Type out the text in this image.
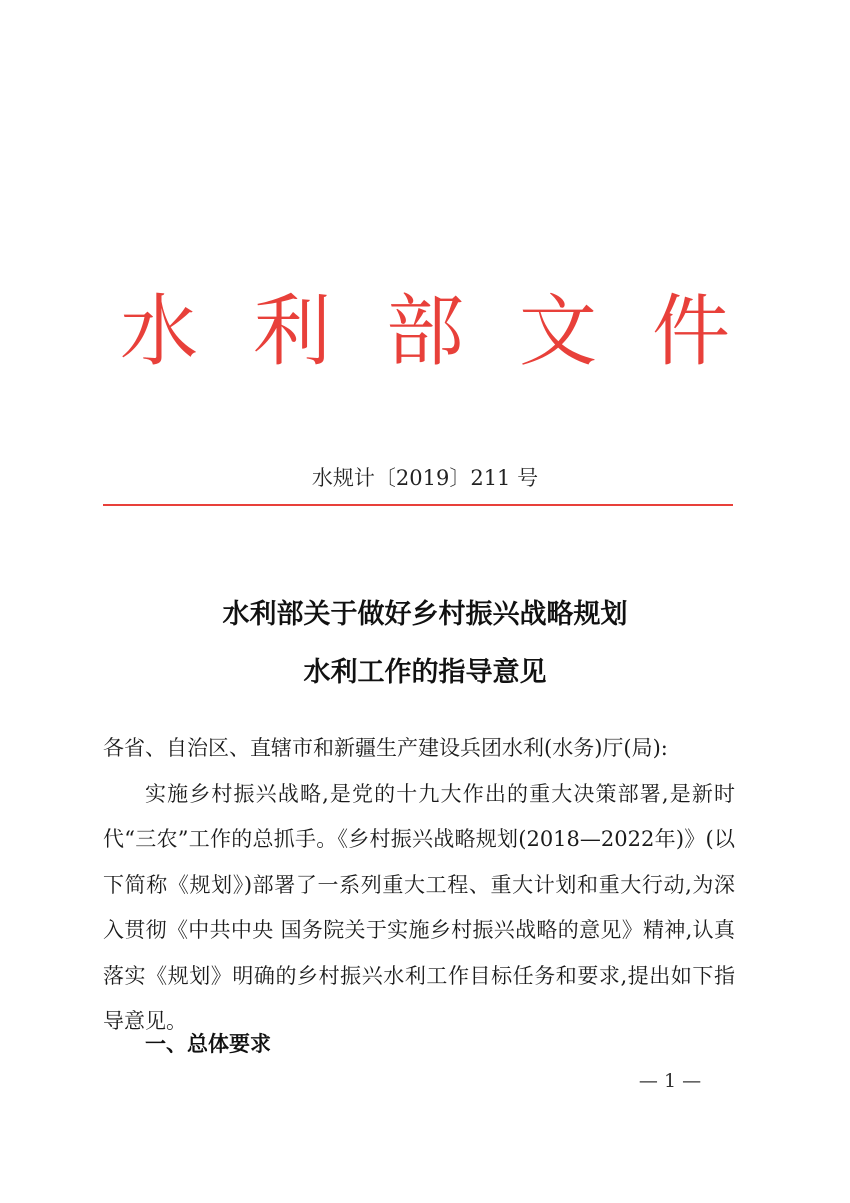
水 利 部 文 件
水规计〔2019〕211 号
水利部关于做好乡村振兴战略规划
水利工作的指导意见

各省、自治区、直辖市和新疆生产建设兵团水利(水务)厅(局):

实施乡村振兴战略,是党的十九大作出的重大决策部署,是新时代“三农”工作的总抓手。《乡村振兴战略规划(2018—2022年)》(以下简称《规划》)部署了一系列重大工程、重大计划和重大行动,为深入贯彻《中共中央 国务院关于实施乡村振兴战略的意见》精神,认真落实《规划》明确的乡村振兴水利工作目标任务和要求,提出如下指导意见。

一、总体要求
— 1 —
